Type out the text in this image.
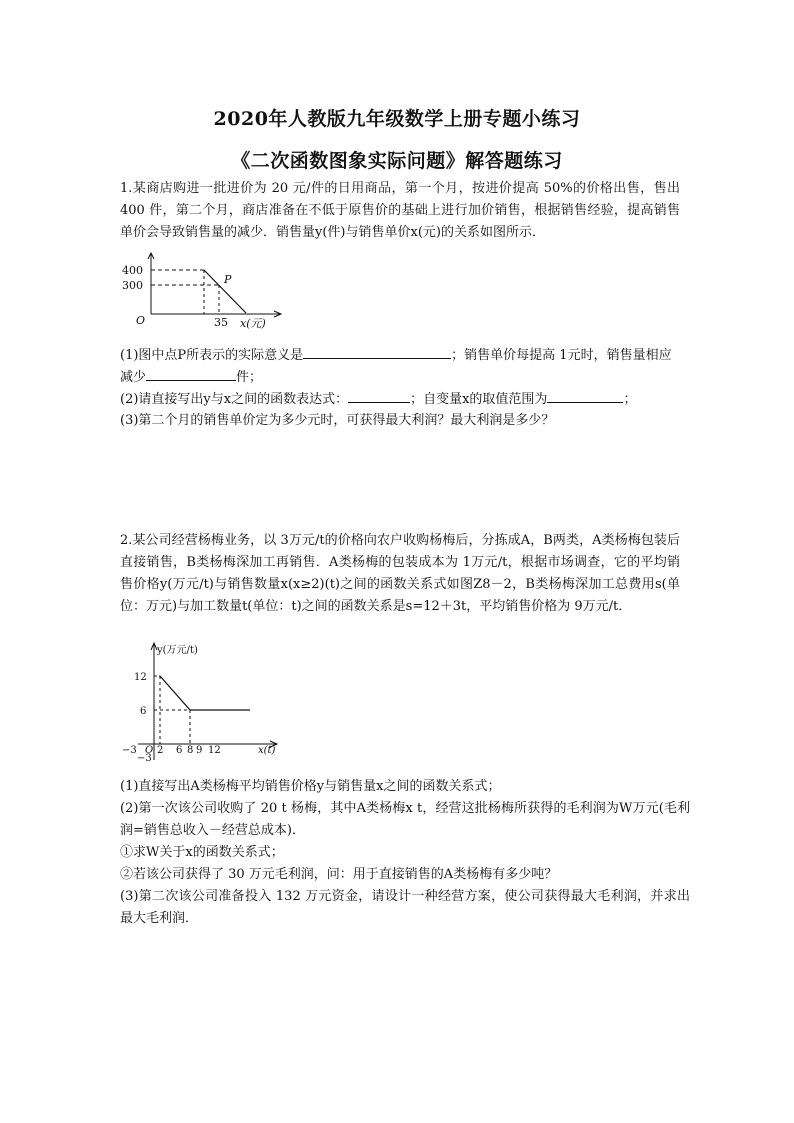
2020年人教版九年级数学上册专题小练习
《二次函数图象实际问题》解答题练习
1.某商店购进一批进价为 20 元/件的日用商品，第一个月，按进价提高 50%的价格出售，售出 400 件，第二个月，商店准备在不低于原售价的基础上进行加价销售，根据销售经验，提高销售单价会导致销售量的减少．销售量y(件)与销售单价x(元)的关系如图所示．
400
300
O	35
P
x(元)
(1)图中点P所表示的实际意义是	；销售单价每提高 1元时，销售量相应
减少	件；
(2)请直接写出y与x之间的函数表达式：	；自变量x的取值范围为	；
(3)第二个月的销售单价定为多少元时，可获得最大利润？最大利润是多少？
2.某公司经营杨梅业务，以 3万元/t的价格向农户收购杨梅后，分拣成A，B两类，A类杨梅包装后直接销售，B类杨梅深加工再销售．A类杨梅的包装成本为 1万元/t，根据市场调查，它的平均销售价格y(万元/t)与销售数量x(x≥2)(t)之间的函数关系式如图Z8－2，B类杨梅深加工总费用s(单位：万元)与加工数量t(单位：t)之间的函数关系是s=12＋3t，平均销售价格为 9万元/t．
y(万元/t)
12
6
−3
−3 O 2 6 8 9 12	x(t)
(1)直接写出A类杨梅平均销售价格y与销售量x之间的函数关系式；
(2)第一次该公司收购了 20 t 杨梅，其中A类杨梅x t，经营这批杨梅所获得的毛利润为W万元(毛利润=销售总收入－经营总成本)．
①求W关于x的函数关系式；
②若该公司获得了 30 万元毛利润，问：用于直接销售的A类杨梅有多少吨？
(3)第二次该公司准备投入 132 万元资金，请设计一种经营方案，使公司获得最大毛利润，并求出最大毛利润．
